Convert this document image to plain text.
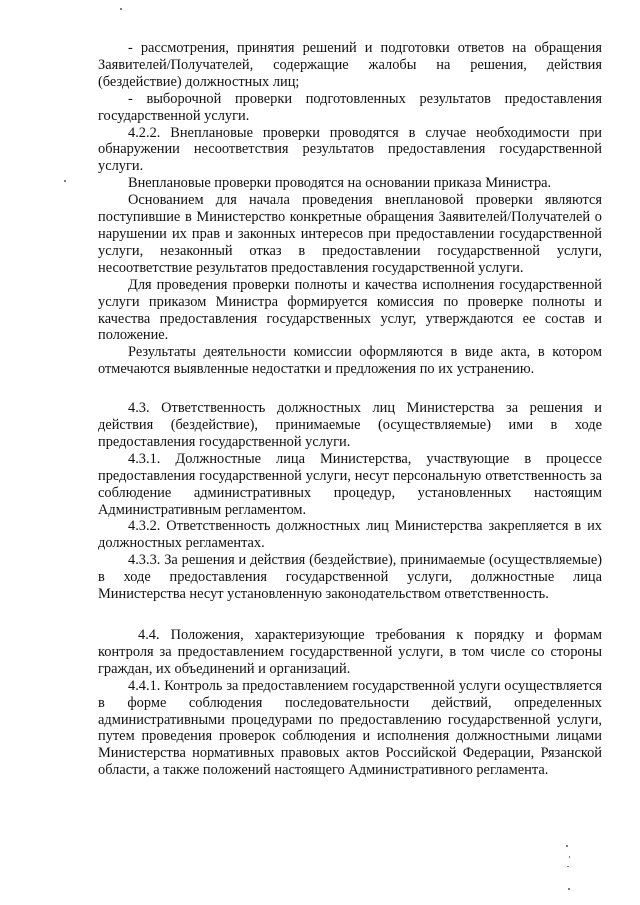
- рассмотрения, принятия решений и подготовки ответов на обращения Заявителей/Получателей, содержащие жалобы на решения, действия (бездействие) должностных лиц;

- выборочной проверки подготовленных результатов предоставления государственной услуги.

4.2.2. Внеплановые проверки проводятся в случае необходимости при обнаружении несоответствия результатов предоставления государственной услуги.

Внеплановые проверки проводятся на основании приказа Министра.

Основанием для начала проведения внеплановой проверки являются поступившие в Министерство конкретные обращения Заявителей/Получателей о нарушении их прав и законных интересов при предоставлении государственной услуги, незаконный отказ в предоставлении государственной услуги, несоответствие результатов предоставления государственной услуги.

Для проведения проверки полноты и качества исполнения государственной услуги приказом Министра формируется комиссия по проверке полноты и качества предоставления государственных услуг, утверждаются ее состав и положение.

Результаты деятельности комиссии оформляются в виде акта, в котором отмечаются выявленные недостатки и предложения по их устранению.

4.3. Ответственность должностных лиц Министерства за решения и действия (бездействие), принимаемые (осуществляемые) ими в ходе предоставления государственной услуги.

4.3.1. Должностные лица Министерства, участвующие в процессе предоставления государственной услуги, несут персональную ответственность за соблюдение административных процедур, установленных настоящим Административным регламентом.

4.3.2. Ответственность должностных лиц Министерства закрепляется в их должностных регламентах.

4.3.3. За решения и действия (бездействие), принимаемые (осуществляемые) в ходе предоставления государственной услуги, должностные лица Министерства несут установленную законодательством ответственность.

4.4. Положения, характеризующие требования к порядку и формам контроля за предоставлением государственной услуги, в том числе со стороны граждан, их объединений и организаций.

4.4.1. Контроль за предоставлением государственной услуги осуществляется в форме соблюдения последовательности действий, определенных административными процедурами по предоставлению государственной услуги, путем проведения проверок соблюдения и исполнения должностными лицами Министерства нормативных правовых актов Российской Федерации, Рязанской области, а также положений настоящего Административного регламента.
